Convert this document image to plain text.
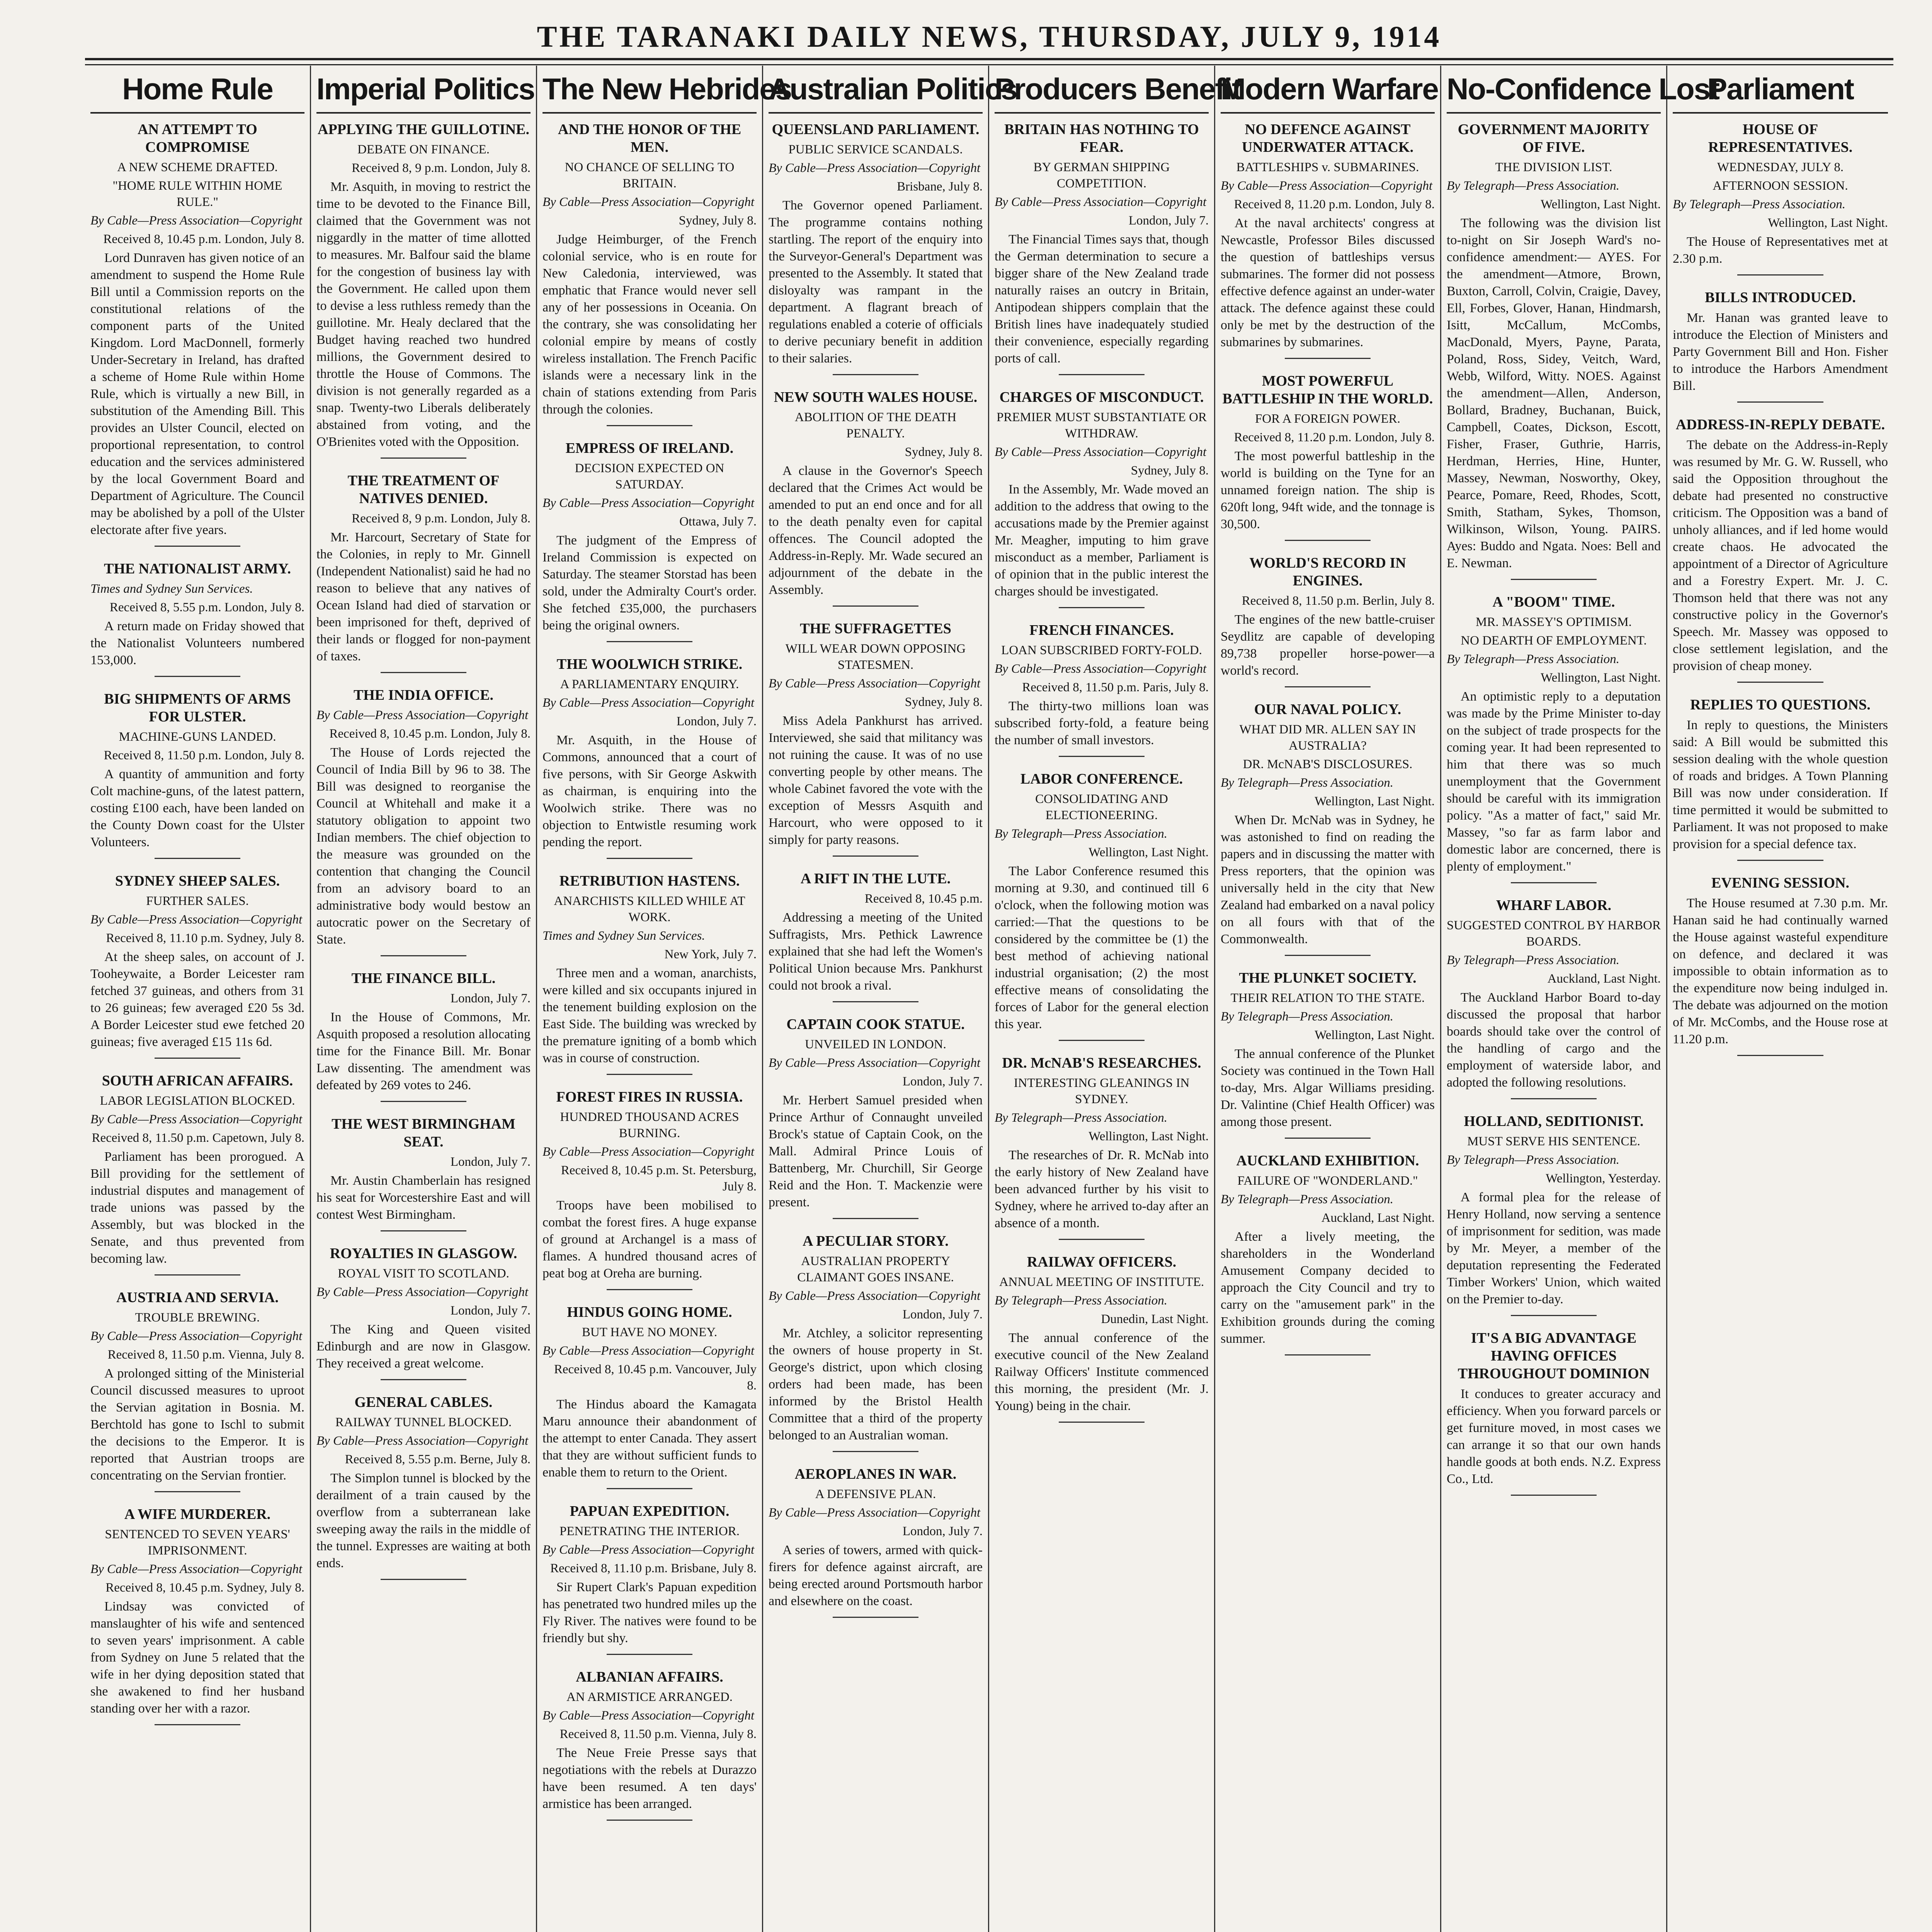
THE TARANAKI DAILY NEWS, THURSDAY, JULY 9, 1914
Home Rule
AN ATTEMPT TO COMPROMISE
A NEW SCHEME DRAFTED.
"HOME RULE WITHIN HOME RULE."
By Cable—Press Association—Copyright
Received 8, 10.45 p.m. London, July 8.
Lord Dunraven has given notice of an amendment to suspend the Home Rule Bill until a Commission reports on the constitutional relations of the component parts of the United Kingdom. Lord MacDonnell, formerly Under-Secretary in Ireland, has drafted a scheme of Home Rule within Home Rule, which is virtually a new Bill, in substitution of the Amending Bill. This provides an Ulster Council, elected on proportional representation, to control education and the services administered by the local Government Board and Department of Agriculture. The Council may be abolished by a poll of the Ulster electorate after five years.
THE NATIONALIST ARMY.
Times and Sydney Sun Services.
Received 8, 5.55 p.m. London, July 8.
A return made on Friday showed that the Nationalist Volunteers numbered 153,000.
BIG SHIPMENTS OF ARMS FOR ULSTER.
MACHINE-GUNS LANDED.
Received 8, 11.50 p.m. London, July 8.
A quantity of ammunition and forty Colt machine-guns, of the latest pattern, costing £100 each, have been landed on the County Down coast for the Ulster Volunteers.
SYDNEY SHEEP SALES.
FURTHER SALES.
By Cable—Press Association—Copyright
Received 8, 11.10 p.m. Sydney, July 8.
At the sheep sales, on account of J. Tooheywaite, a Border Leicester ram fetched 37 guineas, and others from 31 to 26 guineas; few averaged £20 5s 3d. A Border Leicester stud ewe fetched 20 guineas; five averaged £15 11s 6d.
SOUTH AFRICAN AFFAIRS.
LABOR LEGISLATION BLOCKED.
By Cable—Press Association—Copyright
Received 8, 11.50 p.m. Capetown, July 8.
Parliament has been prorogued. A Bill providing for the settlement of industrial disputes and management of trade unions was passed by the Assembly, but was blocked in the Senate, and thus prevented from becoming law.
AUSTRIA AND SERVIA.
TROUBLE BREWING.
By Cable—Press Association—Copyright
Received 8, 11.50 p.m. Vienna, July 8.
A prolonged sitting of the Ministerial Council discussed measures to uproot the Servian agitation in Bosnia. M. Berchtold has gone to Ischl to submit the decisions to the Emperor. It is reported that Austrian troops are concentrating on the Servian frontier.
A WIFE MURDERER.
SENTENCED TO SEVEN YEARS' IMPRISONMENT.
By Cable—Press Association—Copyright
Received 8, 10.45 p.m. Sydney, July 8.
Lindsay was convicted of manslaughter of his wife and sentenced to seven years' imprisonment. A cable from Sydney on June 5 related that the wife in her dying deposition stated that she awakened to find her husband standing over her with a razor.
Imperial Politics
APPLYING THE GUILLOTINE.
DEBATE ON FINANCE.
Received 8, 9 p.m. London, July 8.
Mr. Asquith, in moving to restrict the time to be devoted to the Finance Bill, claimed that the Government was not niggardly in the matter of time allotted to measures. Mr. Balfour said the blame for the congestion of business lay with the Government. He called upon them to devise a less ruthless remedy than the guillotine. Mr. Healy declared that the Budget having reached two hundred millions, the Government desired to throttle the House of Commons. The division is not generally regarded as a snap. Twenty-two Liberals deliberately abstained from voting, and the O'Brienites voted with the Opposition.
THE TREATMENT OF NATIVES DENIED.
Received 8, 9 p.m. London, July 8.
Mr. Harcourt, Secretary of State for the Colonies, in reply to Mr. Ginnell (Independent Nationalist) said he had no reason to believe that any natives of Ocean Island had died of starvation or been imprisoned for theft, deprived of their lands or flogged for non-payment of taxes.
THE INDIA OFFICE.
By Cable—Press Association—Copyright
Received 8, 10.45 p.m. London, July 8.
The House of Lords rejected the Council of India Bill by 96 to 38. The Bill was designed to reorganise the Council at Whitehall and make it a statutory obligation to appoint two Indian members. The chief objection to the measure was grounded on the contention that changing the Council from an advisory board to an administrative body would bestow an autocratic power on the Secretary of State.
THE FINANCE BILL.
London, July 7.
In the House of Commons, Mr. Asquith proposed a resolution allocating time for the Finance Bill. Mr. Bonar Law dissenting. The amendment was defeated by 269 votes to 246.
THE WEST BIRMINGHAM SEAT.
London, July 7.
Mr. Austin Chamberlain has resigned his seat for Worcestershire East and will contest West Birmingham.
ROYALTIES IN GLASGOW.
ROYAL VISIT TO SCOTLAND.
By Cable—Press Association—Copyright
London, July 7.
The King and Queen visited Edinburgh and are now in Glasgow. They received a great welcome.
GENERAL CABLES.
RAILWAY TUNNEL BLOCKED.
By Cable—Press Association—Copyright
Received 8, 5.55 p.m. Berne, July 8.
The Simplon tunnel is blocked by the derailment of a train caused by the overflow from a subterranean lake sweeping away the rails in the middle of the tunnel. Expresses are waiting at both ends.
The New Hebrides
AND THE HONOR OF THE MEN.
NO CHANCE OF SELLING TO BRITAIN.
By Cable—Press Association—Copyright
Sydney, July 8.
Judge Heimburger, of the French colonial service, who is en route for New Caledonia, interviewed, was emphatic that France would never sell any of her possessions in Oceania. On the contrary, she was consolidating her colonial empire by means of costly wireless installation. The French Pacific islands were a necessary link in the chain of stations extending from Paris through the colonies.
EMPRESS OF IRELAND.
DECISION EXPECTED ON SATURDAY.
By Cable—Press Association—Copyright
Ottawa, July 7.
The judgment of the Empress of Ireland Commission is expected on Saturday. The steamer Storstad has been sold, under the Admiralty Court's order. She fetched £35,000, the purchasers being the original owners.
THE WOOLWICH STRIKE.
A PARLIAMENTARY ENQUIRY.
By Cable—Press Association—Copyright
London, July 7.
Mr. Asquith, in the House of Commons, announced that a court of five persons, with Sir George Askwith as chairman, is enquiring into the Woolwich strike. There was no objection to Entwistle resuming work pending the report.
RETRIBUTION HASTENS.
ANARCHISTS KILLED WHILE AT WORK.
Times and Sydney Sun Services.
New York, July 7.
Three men and a woman, anarchists, were killed and six occupants injured in the tenement building explosion on the East Side. The building was wrecked by the premature igniting of a bomb which was in course of construction.
FOREST FIRES IN RUSSIA.
HUNDRED THOUSAND ACRES BURNING.
By Cable—Press Association—Copyright
Received 8, 10.45 p.m. St. Petersburg, July 8.
Troops have been mobilised to combat the forest fires. A huge expanse of ground at Archangel is a mass of flames. A hundred thousand acres of peat bog at Oreha are burning.
HINDUS GOING HOME.
BUT HAVE NO MONEY.
By Cable—Press Association—Copyright
Received 8, 10.45 p.m. Vancouver, July 8.
The Hindus aboard the Kamagata Maru announce their abandonment of the attempt to enter Canada. They assert that they are without sufficient funds to enable them to return to the Orient.
PAPUAN EXPEDITION.
PENETRATING THE INTERIOR.
By Cable—Press Association—Copyright
Received 8, 11.10 p.m. Brisbane, July 8.
Sir Rupert Clark's Papuan expedition has penetrated two hundred miles up the Fly River. The natives were found to be friendly but shy.
ALBANIAN AFFAIRS.
AN ARMISTICE ARRANGED.
By Cable—Press Association—Copyright
Received 8, 11.50 p.m. Vienna, July 8.
The Neue Freie Presse says that negotiations with the rebels at Durazzo have been resumed. A ten days' armistice has been arranged.
Australian Politics
QUEENSLAND PARLIAMENT.
PUBLIC SERVICE SCANDALS.
By Cable—Press Association—Copyright
Brisbane, July 8.
The Governor opened Parliament. The programme contains nothing startling. The report of the enquiry into the Surveyor-General's Department was presented to the Assembly. It stated that disloyalty was rampant in the department. A flagrant breach of regulations enabled a coterie of officials to derive pecuniary benefit in addition to their salaries.
NEW SOUTH WALES HOUSE.
ABOLITION OF THE DEATH PENALTY.
Sydney, July 8.
A clause in the Governor's Speech declared that the Crimes Act would be amended to put an end once and for all to the death penalty even for capital offences. The Council adopted the Address-in-Reply. Mr. Wade secured an adjournment of the debate in the Assembly.
THE SUFFRAGETTES
WILL WEAR DOWN OPPOSING STATESMEN.
By Cable—Press Association—Copyright
Sydney, July 8.
Miss Adela Pankhurst has arrived. Interviewed, she said that militancy was not ruining the cause. It was of no use converting people by other means. The whole Cabinet favored the vote with the exception of Messrs Asquith and Harcourt, who were opposed to it simply for party reasons.
A RIFT IN THE LUTE.
Received 8, 10.45 p.m.
Addressing a meeting of the United Suffragists, Mrs. Pethick Lawrence explained that she had left the Women's Political Union because Mrs. Pankhurst could not brook a rival.
CAPTAIN COOK STATUE.
UNVEILED IN LONDON.
By Cable—Press Association—Copyright
London, July 7.
Mr. Herbert Samuel presided when Prince Arthur of Connaught unveiled Brock's statue of Captain Cook, on the Mall. Admiral Prince Louis of Battenberg, Mr. Churchill, Sir George Reid and the Hon. T. Mackenzie were present.
A PECULIAR STORY.
AUSTRALIAN PROPERTY CLAIMANT GOES INSANE.
By Cable—Press Association—Copyright
London, July 7.
Mr. Atchley, a solicitor representing the owners of house property in St. George's district, upon which closing orders had been made, has been informed by the Bristol Health Committee that a third of the property belonged to an Australian woman.
AEROPLANES IN WAR.
A DEFENSIVE PLAN.
By Cable—Press Association—Copyright
London, July 7.
A series of towers, armed with quick-firers for defence against aircraft, are being erected around Portsmouth harbor and elsewhere on the coast.
Producers Benefit
BRITAIN HAS NOTHING TO FEAR.
BY GERMAN SHIPPING COMPETITION.
By Cable—Press Association—Copyright
London, July 7.
The Financial Times says that, though the German determination to secure a bigger share of the New Zealand trade naturally raises an outcry in Britain, Antipodean shippers complain that the British lines have inadequately studied their convenience, especially regarding ports of call.
CHARGES OF MISCONDUCT.
PREMIER MUST SUBSTANTIATE OR WITHDRAW.
By Cable—Press Association—Copyright
Sydney, July 8.
In the Assembly, Mr. Wade moved an addition to the address that owing to the accusations made by the Premier against Mr. Meagher, imputing to him grave misconduct as a member, Parliament is of opinion that in the public interest the charges should be investigated.
FRENCH FINANCES.
LOAN SUBSCRIBED FORTY-FOLD.
By Cable—Press Association—Copyright
Received 8, 11.50 p.m. Paris, July 8.
The thirty-two millions loan was subscribed forty-fold, a feature being the number of small investors.
LABOR CONFERENCE.
CONSOLIDATING AND ELECTIONEERING.
By Telegraph—Press Association.
Wellington, Last Night.
The Labor Conference resumed this morning at 9.30, and continued till 6 o'clock, when the following motion was carried:—That the questions to be considered by the committee be (1) the best method of achieving national industrial organisation; (2) the most effective means of consolidating the forces of Labor for the general election this year.
DR. McNAB'S RESEARCHES.
INTERESTING GLEANINGS IN SYDNEY.
By Telegraph—Press Association.
Wellington, Last Night.
The researches of Dr. R. McNab into the early history of New Zealand have been advanced further by his visit to Sydney, where he arrived to-day after an absence of a month.
RAILWAY OFFICERS.
ANNUAL MEETING OF INSTITUTE.
By Telegraph—Press Association.
Dunedin, Last Night.
The annual conference of the executive council of the New Zealand Railway Officers' Institute commenced this morning, the president (Mr. J. Young) being in the chair.
Modern Warfare
NO DEFENCE AGAINST UNDERWATER ATTACK.
BATTLESHIPS v. SUBMARINES.
By Cable—Press Association—Copyright
Received 8, 11.20 p.m. London, July 8.
At the naval architects' congress at Newcastle, Professor Biles discussed the question of battleships versus submarines. The former did not possess effective defence against an under-water attack. The defence against these could only be met by the destruction of the submarines by submarines.
MOST POWERFUL BATTLESHIP IN THE WORLD.
FOR A FOREIGN POWER.
Received 8, 11.20 p.m. London, July 8.
The most powerful battleship in the world is building on the Tyne for an unnamed foreign nation. The ship is 620ft long, 94ft wide, and the tonnage is 30,500.
WORLD'S RECORD IN ENGINES.
Received 8, 11.50 p.m. Berlin, July 8.
The engines of the new battle-cruiser Seydlitz are capable of developing 89,738 propeller horse-power—a world's record.
OUR NAVAL POLICY.
WHAT DID MR. ALLEN SAY IN AUSTRALIA?
DR. McNAB'S DISCLOSURES.
By Telegraph—Press Association.
Wellington, Last Night.
When Dr. McNab was in Sydney, he was astonished to find on reading the papers and in discussing the matter with Press reporters, that the opinion was universally held in the city that New Zealand had embarked on a naval policy on all fours with that of the Commonwealth.
THE PLUNKET SOCIETY.
THEIR RELATION TO THE STATE.
By Telegraph—Press Association.
Wellington, Last Night.
The annual conference of the Plunket Society was continued in the Town Hall to-day, Mrs. Algar Williams presiding. Dr. Valintine (Chief Health Officer) was among those present.
AUCKLAND EXHIBITION.
FAILURE OF "WONDERLAND."
By Telegraph—Press Association.
Auckland, Last Night.
After a lively meeting, the shareholders in the Wonderland Amusement Company decided to approach the City Council and try to carry on the "amusement park" in the Exhibition grounds during the coming summer.
No-Confidence Lost
GOVERNMENT MAJORITY OF FIVE.
THE DIVISION LIST.
By Telegraph—Press Association.
Wellington, Last Night.
The following was the division list to-night on Sir Joseph Ward's no-confidence amendment:— AYES. For the amendment—Atmore, Brown, Buxton, Carroll, Colvin, Craigie, Davey, Ell, Forbes, Glover, Hanan, Hindmarsh, Isitt, McCallum, McCombs, MacDonald, Myers, Payne, Parata, Poland, Ross, Sidey, Veitch, Ward, Webb, Wilford, Witty. NOES. Against the amendment—Allen, Anderson, Bollard, Bradney, Buchanan, Buick, Campbell, Coates, Dickson, Escott, Fisher, Fraser, Guthrie, Harris, Herdman, Herries, Hine, Hunter, Massey, Newman, Nosworthy, Okey, Pearce, Pomare, Reed, Rhodes, Scott, Smith, Statham, Sykes, Thomson, Wilkinson, Wilson, Young. PAIRS. Ayes: Buddo and Ngata. Noes: Bell and E. Newman.
A "BOOM" TIME.
MR. MASSEY'S OPTIMISM.
NO DEARTH OF EMPLOYMENT.
By Telegraph—Press Association.
Wellington, Last Night.
An optimistic reply to a deputation was made by the Prime Minister to-day on the subject of trade prospects for the coming year. It had been represented to him that there was so much unemployment that the Government should be careful with its immigration policy. "As a matter of fact," said Mr. Massey, "so far as farm labor and domestic labor are concerned, there is plenty of employment."
WHARF LABOR.
SUGGESTED CONTROL BY HARBOR BOARDS.
By Telegraph—Press Association.
Auckland, Last Night.
The Auckland Harbor Board to-day discussed the proposal that harbor boards should take over the control of the handling of cargo and the employment of waterside labor, and adopted the following resolutions.
HOLLAND, SEDITIONIST.
MUST SERVE HIS SENTENCE.
By Telegraph—Press Association.
Wellington, Yesterday.
A formal plea for the release of Henry Holland, now serving a sentence of imprisonment for sedition, was made by Mr. Meyer, a member of the deputation representing the Federated Timber Workers' Union, which waited on the Premier to-day.
IT'S A BIG ADVANTAGE HAVING OFFICES THROUGHOUT DOMINION
It conduces to greater accuracy and efficiency. When you forward parcels or get furniture moved, in most cases we can arrange it so that our own hands handle goods at both ends. N.Z. Express Co., Ltd.
Parliament
HOUSE OF REPRESENTATIVES.
WEDNESDAY, JULY 8.
AFTERNOON SESSION.
By Telegraph—Press Association.
Wellington, Last Night.
The House of Representatives met at 2.30 p.m.
BILLS INTRODUCED.
Mr. Hanan was granted leave to introduce the Election of Ministers and Party Government Bill and Hon. Fisher to introduce the Harbors Amendment Bill.
ADDRESS-IN-REPLY DEBATE.
The debate on the Address-in-Reply was resumed by Mr. G. W. Russell, who said the Opposition throughout the debate had presented no constructive criticism. The Opposition was a band of unholy alliances, and if led home would create chaos. He advocated the appointment of a Director of Agriculture and a Forestry Expert. Mr. J. C. Thomson held that there was not any constructive policy in the Governor's Speech. Mr. Massey was opposed to close settlement legislation, and the provision of cheap money.
REPLIES TO QUESTIONS.
In reply to questions, the Ministers said: A Bill would be submitted this session dealing with the whole question of roads and bridges. A Town Planning Bill was now under consideration. If time permitted it would be submitted to Parliament. It was not proposed to make provision for a special defence tax.
EVENING SESSION.
The House resumed at 7.30 p.m. Mr. Hanan said he had continually warned the House against wasteful expenditure on defence, and declared it was impossible to obtain information as to the expenditure now being indulged in. The debate was adjourned on the motion of Mr. McCombs, and the House rose at 11.20 p.m.
